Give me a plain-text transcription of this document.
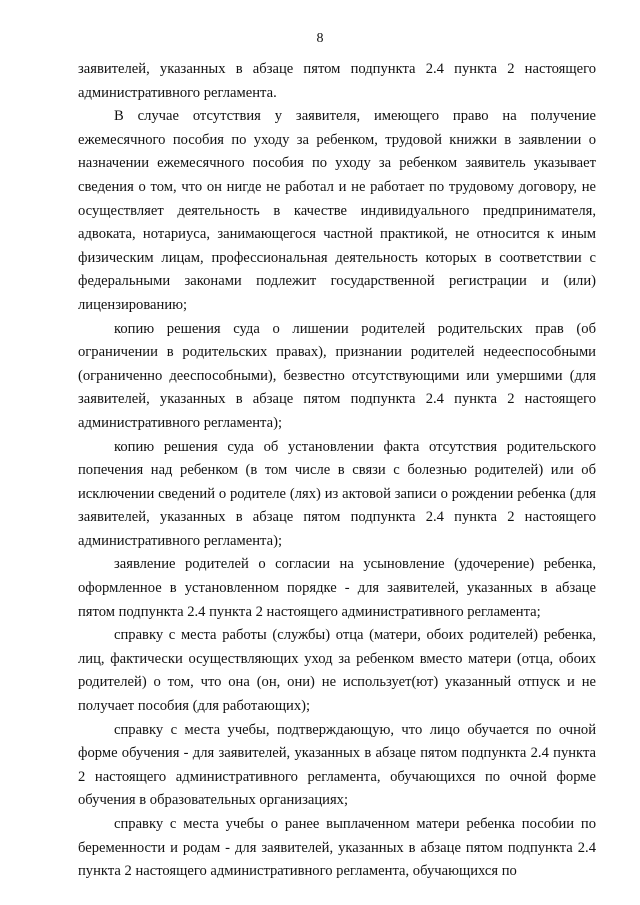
8

заявителей, указанных в абзаце пятом подпункта 2.4 пункта 2 настоящего административного регламента.

В случае отсутствия у заявителя, имеющего право на получение ежемесячного пособия по уходу за ребенком, трудовой книжки в заявлении о назначении ежемесячного пособия по уходу за ребенком заявитель указывает сведения о том, что он нигде не работал и не работает по трудовому договору, не осуществляет деятельность в качестве индивидуального предпринимателя, адвоката, нотариуса, занимающегося частной практикой, не относится к иным физическим лицам, профессиональная деятельность которых в соответствии с федеральными законами подлежит государственной регистрации и (или) лицензированию;

копию решения суда о лишении родителей родительских прав (об ограничении в родительских правах), признании родителей недееспособными (ограниченно дееспособными), безвестно отсутствующими или умершими (для заявителей, указанных в абзаце пятом подпункта 2.4 пункта 2 настоящего административного регламента);

копию решения суда об установлении факта отсутствия родительского попечения над ребенком (в том числе в связи с болезнью родителей) или об исключении сведений о родителе (лях) из актовой записи о рождении ребенка (для заявителей, указанных в абзаце пятом подпункта 2.4 пункта 2 настоящего административного регламента);

заявление родителей о согласии на усыновление (удочерение) ребенка, оформленное в установленном порядке - для заявителей, указанных в абзаце пятом подпункта 2.4 пункта 2 настоящего административного регламента;

справку с места работы (службы) отца (матери, обоих родителей) ребенка, лиц, фактически осуществляющих уход за ребенком вместо матери (отца, обоих родителей) о том, что она (он, они) не использует(ют) указанный отпуск и не получает пособия (для работающих);

справку с места учебы, подтверждающую, что лицо обучается по очной форме обучения - для заявителей, указанных в абзаце пятом подпункта 2.4 пункта 2 настоящего административного регламента, обучающихся по очной форме обучения в образовательных организациях;

справку с места учебы о ранее выплаченном матери ребенка пособии по беременности и родам - для заявителей, указанных в абзаце пятом подпункта 2.4 пункта 2 настоящего административного регламента, обучающихся по
